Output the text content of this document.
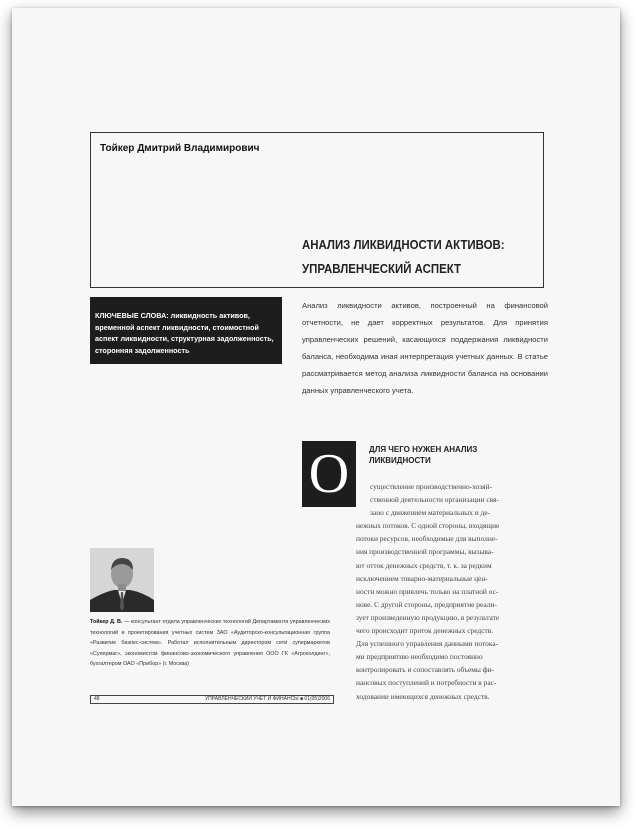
Тойкер Дмитрий Владимирович
АНАЛИЗ ЛИКВИДНОСТИ АКТИВОВ:
УПРАВЛЕНЧЕСКИЙ АСПЕКТ
КЛЮЧЕВЫЕ СЛОВА: ликвидность активов, временной аспект ликвидности, стоимостной аспект ликвидности, структурная задолженность, сторонняя задолженность
Анализ ликвидности активов, построенный на финансовой отчетности, не дает корректных результатов. Для принятия управленческих решений, касающихся поддержания ликвидности баланса, необходима иная интерпретация учетных данных. В статье рассматривается метод анализа ликвидности баланса на основании данных управленческого учета.
О	ДЛЯ ЧЕГО НУЖЕН АНАЛИЗ
ЛИКВИДНОСТИ
существление производственно-хозяй-
ственной деятельности организации свя-
зано с движением материальных и де-
нежных потоков. С одной стороны, входящие
потоки ресурсов, необходимые для выполне-
ния производственной программы, вызыва-
ют отток денежных средств, т. к. за редким
исключением товарно-материальные цен-
ности можно привлечь только на платной ос-
нове. С другой стороны, предприятие реали-
зует произведенную продукцию, в результате
чего происходит приток денежных средств.
Для успешного управления данными потока-
ми предприятию необходимо постоянно
контролировать и сопоставлять объемы фи-
нансовых поступлений и потребности в рас-
ходовании имеющихся денежных средств.
Тойкер Д. В. — консультант отдела управленческих технологий Департамента управленческих технологий и проектирования учетных систем ЗАО «Аудиторско-консультационная группа «Развитие бизнес-систем». Работал исполнительным директором сети супермаркетов «Супермаг», экономистом финансово-экономического управления ООО ГК «Агрохолдинг», бухгалтером ОАО «Прибор» (г. Москва)
48	УПРАВЛЕНЧЕСКИЙ УЧЕТ И ФИНАНСЫ ■ 01(05)2006
